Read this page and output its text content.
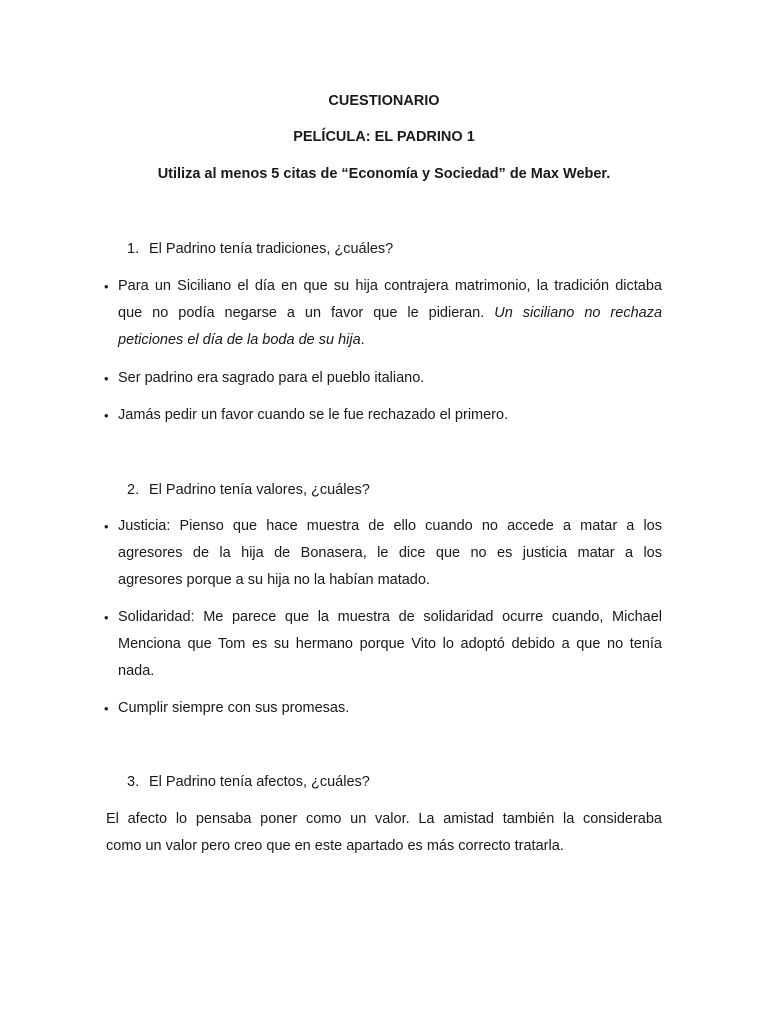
CUESTIONARIO
PELÍCULA: EL PADRINO 1
Utiliza al menos 5 citas de “Economía y Sociedad” de Max Weber.
1. El Padrino tenía tradiciones, ¿cuáles?
• Para un Siciliano el día en que su hija contrajera matrimonio, la tradición dictaba
que no podía negarse a un favor que le pidieran. Un siciliano no rechaza
peticiones el día de la boda de su hija.
• Ser padrino era sagrado para el pueblo italiano.
• Jamás pedir un favor cuando se le fue rechazado el primero.
2. El Padrino tenía valores, ¿cuáles?
• Justicia: Pienso que hace muestra de ello cuando no accede a matar a los
agresores de la hija de Bonasera, le dice que no es justicia matar a los
agresores porque a su hija no la habían matado.
• Solidaridad: Me parece que la muestra de solidaridad ocurre cuando, Michael
Menciona que Tom es su hermano porque Vito lo adoptó debido a que no tenía
nada.
• Cumplir siempre con sus promesas.
3. El Padrino tenía afectos, ¿cuáles?
El afecto lo pensaba poner como un valor. La amistad también la consideraba
como un valor pero creo que en este apartado es más correcto tratarla.
